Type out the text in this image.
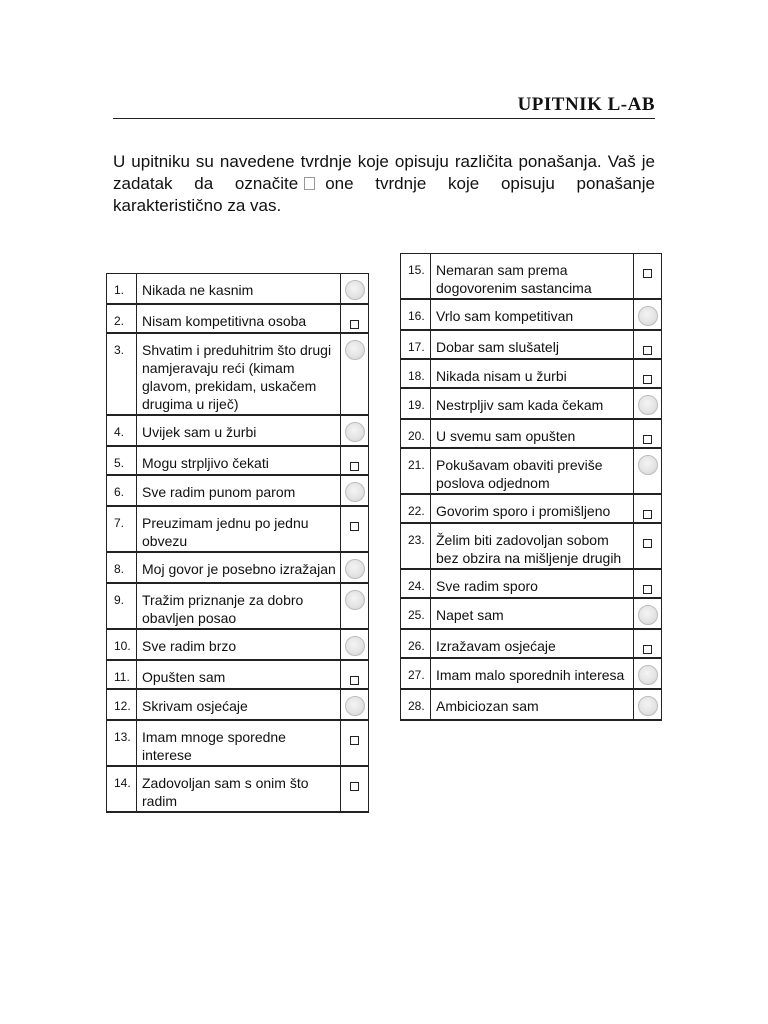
UPITNIK L-AB

U upitniku su navedene tvrdnje koje opisuju različita ponašanja. Vaš je zadatak da označite one tvrdnje koje opisuju ponašanje karakteristično za vas.

1.	Nikada ne kasnim	
2.	Nisam kompetitivna osoba	
3.	Shvatim i preduhitrim što drugi namjeravaju reći (kimam glavom, prekidam, uskačem drugima u riječ)	
4.	Uvijek sam u žurbi	
5.	Mogu strpljivo čekati	
6.	Sve radim punom parom	
7.	Preuzimam jednu po jednu obvezu	
8.	Moj govor je posebno izražajan	
9.	Tražim priznanje za dobro obavljen posao	
10.	Sve radim brzo	
11.	Opušten sam	
12.	Skrivam osjećaje	
13.	Imam mnoge sporedne interese	
14.	Zadovoljan sam s onim što radim	
15.	Nemaran sam prema dogovorenim sastancima	
16.	Vrlo sam kompetitivan	
17.	Dobar sam slušatelj	
18.	Nikada nisam u žurbi	
19.	Nestrpljiv sam kada čekam	
20.	U svemu sam opušten	
21.	Pokušavam obaviti previše poslova odjednom	
22.	Govorim sporo i promišljeno	
23.	Želim biti zadovoljan sobom bez obzira na mišljenje drugih	
24.	Sve radim sporo	
25.	Napet sam	
26.	Izražavam osjećaje	
27.	Imam malo sporednih interesa	
28.	Ambiciozan sam	
